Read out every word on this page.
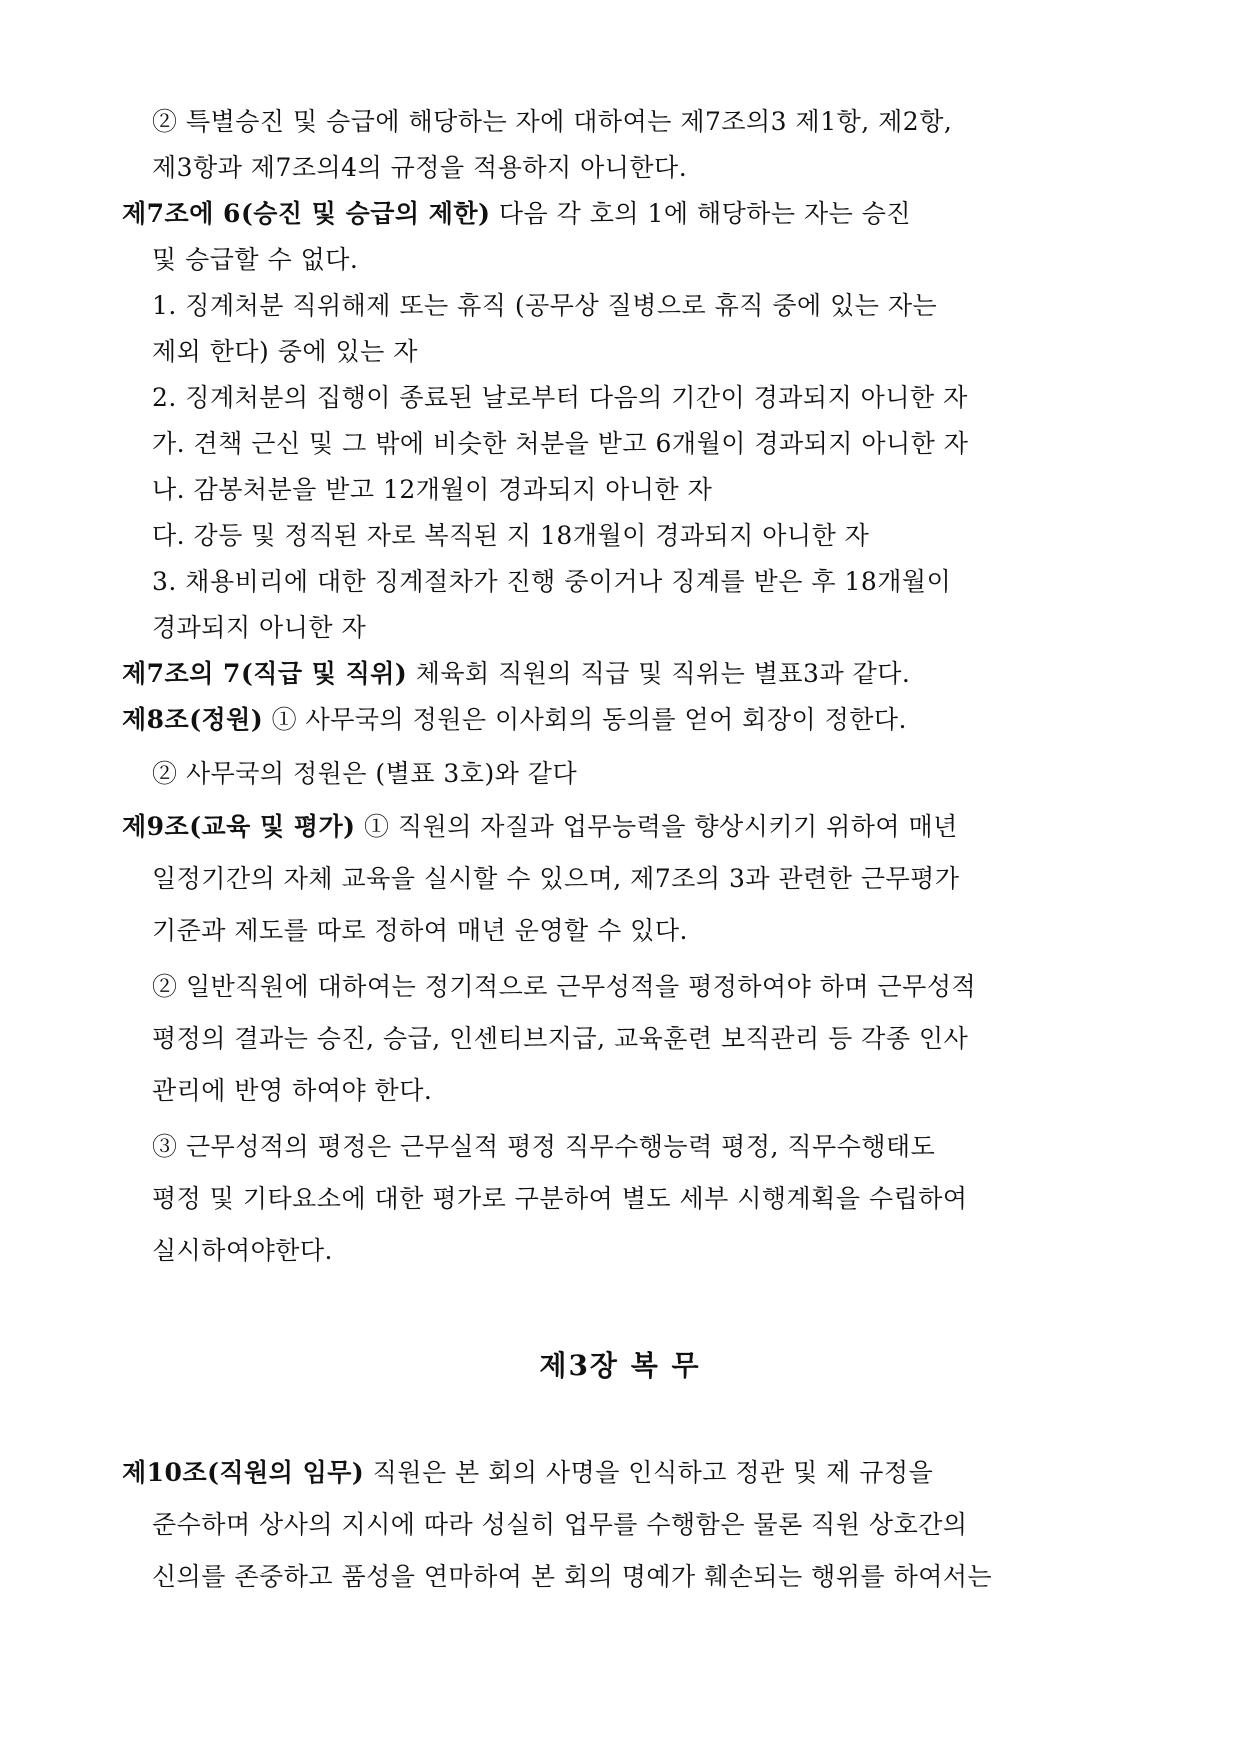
② 특별승진 및 승급에 해당하는 자에 대하여는 제7조의3 제1항, 제2항,
제3항과 제7조의4의 규정을 적용하지 아니한다.
제7조에 6(승진 및 승급의 제한) 다음 각 호의 1에 해당하는 자는 승진
및 승급할 수 없다.
1. 징계처분 직위해제 또는 휴직 (공무상 질병으로 휴직 중에 있는 자는
제외 한다) 중에 있는 자
2. 징계처분의 집행이 종료된 날로부터 다음의 기간이 경과되지 아니한 자
가. 견책 근신 및 그 밖에 비슷한 처분을 받고 6개월이 경과되지 아니한 자
나. 감봉처분을 받고 12개월이 경과되지 아니한 자
다. 강등 및 정직된 자로 복직된 지 18개월이 경과되지 아니한 자
3. 채용비리에 대한 징계절차가 진행 중이거나 징계를 받은 후 18개월이
경과되지 아니한 자
제7조의 7(직급 및 직위) 체육회 직원의 직급 및 직위는 별표3과 같다.
제8조(정원) ① 사무국의 정원은 이사회의 동의를 얻어 회장이 정한다.
② 사무국의 정원은 (별표 3호)와 같다
제9조(교육 및 평가) ① 직원의 자질과 업무능력을 향상시키기 위하여 매년
일정기간의 자체 교육을 실시할 수 있으며, 제7조의 3과 관련한 근무평가
기준과 제도를 따로 정하여 매년 운영할 수 있다.
② 일반직원에 대하여는 정기적으로 근무성적을 평정하여야 하며 근무성적
평정의 결과는 승진, 승급, 인센티브지급, 교육훈련 보직관리 등 각종 인사
관리에 반영 하여야 한다.
③ 근무성적의 평정은 근무실적 평정 직무수행능력 평정, 직무수행태도
평정 및 기타요소에 대한 평가로 구분하여 별도 세부 시행계획을 수립하여
실시하여야한다.
제3장 복 무
제10조(직원의 임무) 직원은 본 회의 사명을 인식하고 정관 및 제 규정을
준수하며 상사의 지시에 따라 성실히 업무를 수행함은 물론 직원 상호간의
신의를 존중하고 품성을 연마하여 본 회의 명예가 훼손되는 행위를 하여서는
